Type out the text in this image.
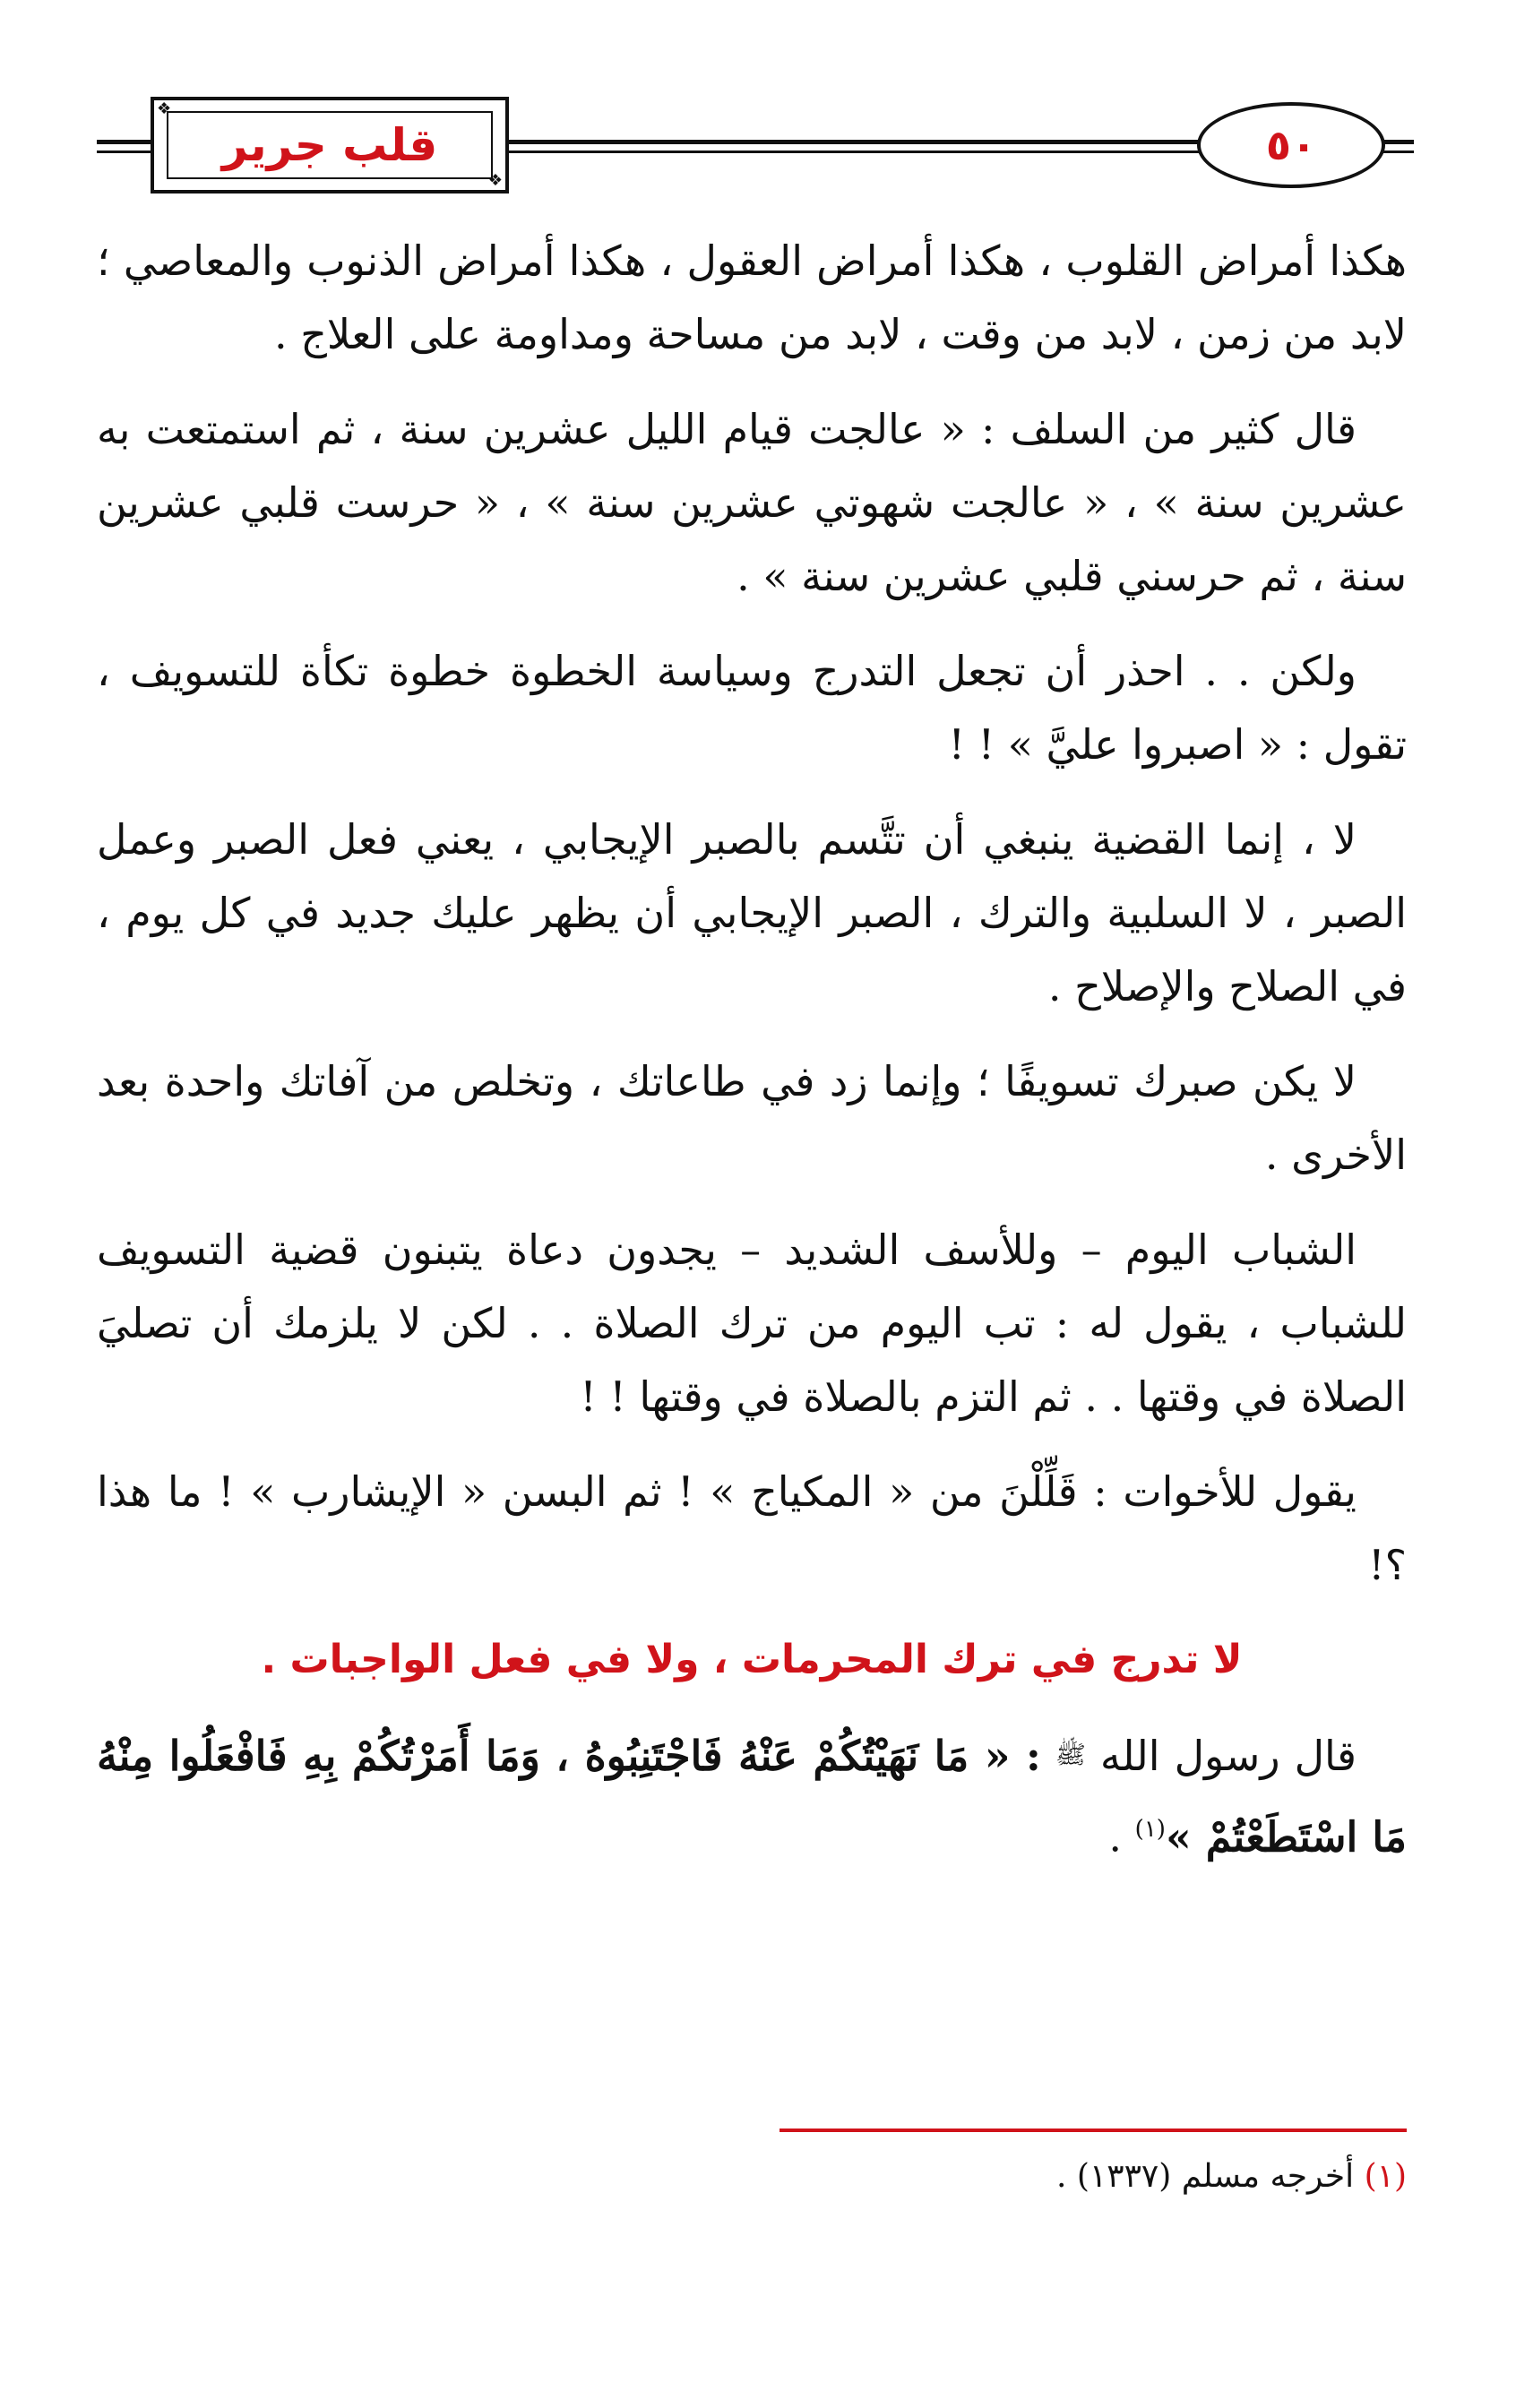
❖
❖
قلب جرير	٥٠

هكذا أمراض القلوب ، هكذا أمراض العقول ، هكذا أمراض الذنوب والمعاصي ؛ لابد من زمن ، لابد من وقت ، لابد من مساحة ومداومة على العلاج .

قال كثير من السلف : « عالجت قيام الليل عشرين سنة ، ثم استمتعت به عشرين سنة » ، « عالجت شهوتي عشرين سنة » ، « حرست قلبي عشرين سنة ، ثم حرسني قلبي عشرين سنة » .

ولكن . . احذر أن تجعل التدرج وسياسة الخطوة خطوة تكأة للتسويف ، تقول : « اصبروا عليَّ » ! !

لا ، إنما القضية ينبغي أن تتَّسم بالصبر الإيجابي ، يعني فعل الصبر وعمل الصبر ، لا السلبية والترك ، الصبر الإيجابي أن يظهر عليك جديد في كل يوم ، في الصلاح والإصلاح .

لا يكن صبرك تسويفًا ؛ وإنما زد في طاعاتك ، وتخلص من آفاتك واحدة بعد الأخرى .

الشباب اليوم – وللأسف الشديد – يجدون دعاة يتبنون قضية التسويف للشباب ، يقول له : تب اليوم من ترك الصلاة . . لكن لا يلزمك أن تصليَ الصلاة في وقتها . . ثم التزم بالصلاة في وقتها ! !

يقول للأخوات : قَلِّلْنَ من « المكياج » ! ثم البسن « الإيشارب » ! ما هذا ؟!

لا تدرج في ترك المحرمات ، ولا في فعل الواجبات .

قال رسول الله ﷺ : « مَا نَهَيْتُكُمْ عَنْهُ فَاجْتَنِبُوهُ ، وَمَا أَمَرْتُكُمْ بِهِ فَافْعَلُوا مِنْهُ مَا اسْتَطَعْتُمْ »$^{(١)}$ .

(١) أخرجه مسلم (١٣٣٧) .
